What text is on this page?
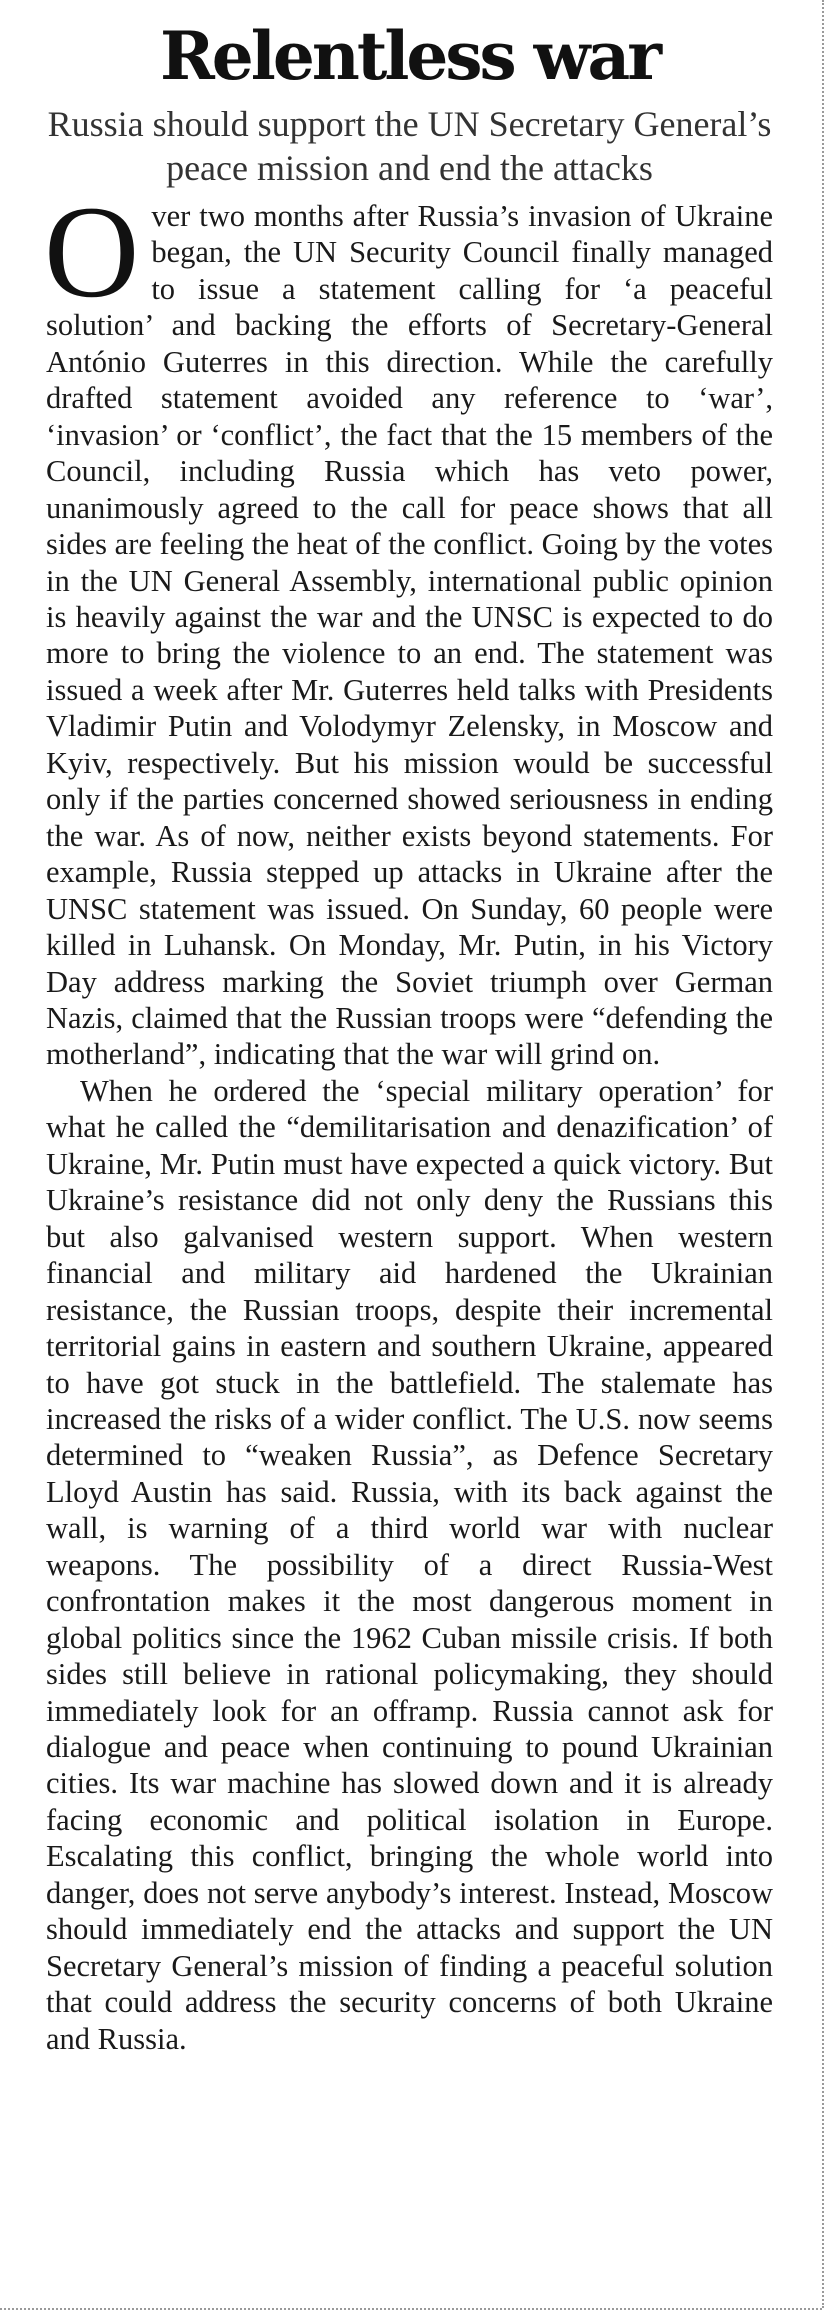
Relentless war
Russia should support the UN Secretary General’s peace mission and end the attacks

Over two months after Russia’s invasion of Ukraine began, the UN Security Council finally managed to issue a statement calling for ‘a peaceful solution’ and backing the efforts of Secretary-General António Guterres in this direction. While the carefully drafted statement avoided any reference to ‘war’, ‘invasion’ or ‘conflict’, the fact that the 15 members of the Council, including Russia which has veto power, unanimously agreed to the call for peace shows that all sides are feeling the heat of the conflict. Going by the votes in the UN General Assembly, international public opinion is heavily against the war and the UNSC is expected to do more to bring the violence to an end. The statement was issued a week after Mr. Guterres held talks with Presidents Vladimir Putin and Volodymyr Zelensky, in Moscow and Kyiv, respectively. But his mission would be successful only if the parties concerned showed seriousness in ending the war. As of now, neither exists beyond statements. For example, Russia stepped up attacks in Ukraine after the UNSC statement was issued. On Sunday, 60 people were killed in Luhansk. On Monday, Mr. Putin, in his Victory Day address marking the Soviet triumph over German Nazis, claimed that the Russian troops were “defending the motherland”, indicating that the war will grind on.

When he ordered the ‘special military operation’ for what he called the “demilitarisation and denazification’ of Ukraine, Mr. Putin must have expected a quick victory. But Ukraine’s resistance did not only deny the Russians this but also galvanised western support. When western financial and military aid hardened the Ukrainian resistance, the Russian troops, despite their incremental territorial gains in eastern and southern Ukraine, appeared to have got stuck in the battlefield. The stalemate has increased the risks of a wider conflict. The U.S. now seems determined to “weaken Russia”, as Defence Secretary Lloyd Austin has said. Russia, with its back against the wall, is warning of a third world war with nuclear weapons. The possibility of a direct Russia-West confrontation makes it the most dangerous moment in global politics since the 1962 Cuban missile crisis. If both sides still believe in rational policymaking, they should immediately look for an offramp. Russia cannot ask for dialogue and peace when continuing to pound Ukrainian cities. Its war machine has slowed down and it is already facing economic and political isolation in Europe. Escalating this conflict, bringing the whole world into danger, does not serve anybody’s interest. Instead, Moscow should immediately end the attacks and support the UN Secretary General’s mission of finding a peaceful solution that could address the security concerns of both Ukraine and Russia.
